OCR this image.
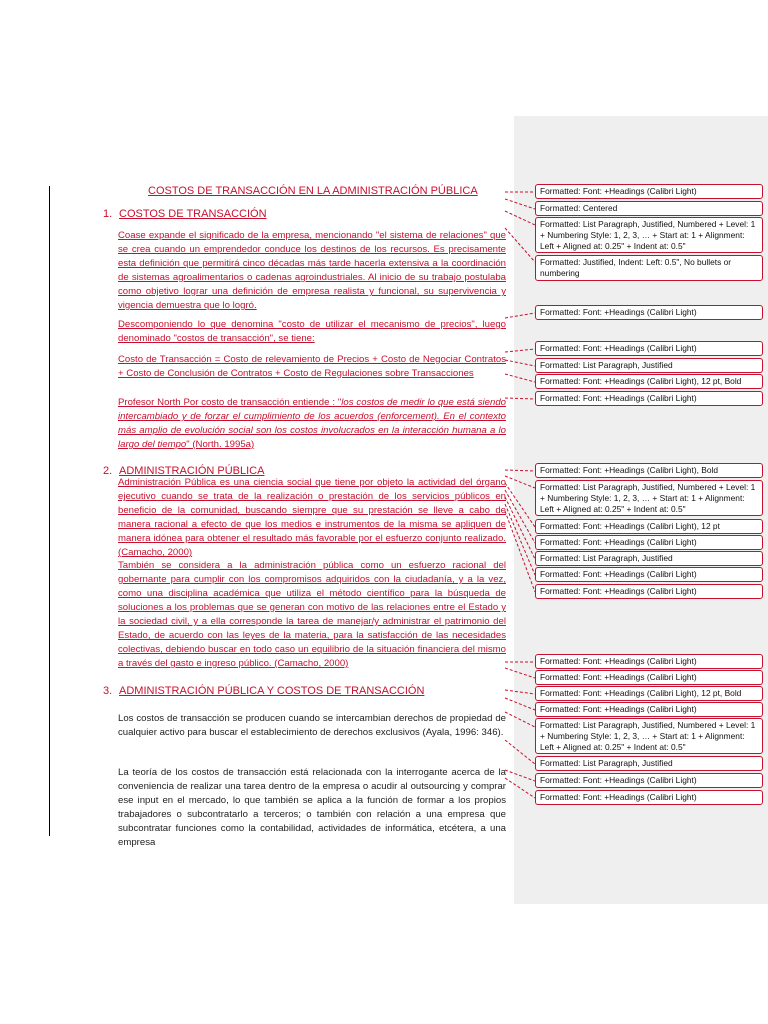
COSTOS DE TRANSACCIÓN EN LA ADMINISTRACIÓN PÚBLICA
1. COSTOS DE TRANSACCIÓN
Coase expande el significado de la empresa, mencionando "el sistema de relaciones" que se crea cuando un emprendedor conduce los destinos de los recursos. Es precisamente esta definición que permitirá cinco décadas más tarde hacerla extensiva a la coordinación de sistemas agroalimentarios o cadenas agroindustriales. Al inicio de su trabajo postulaba como objetivo lograr una definición de empresa realista y funcional, su supervivencia y vigencia demuestra que lo logró.
Descomponiendo lo que denomina "costo de utilizar el mecanismo de precios", luego denominado "costos de transacción", se tiene:
Costo de Transacción = Costo de relevamiento de Precios + Costo de Negociar Contratos + Costo de Conclusión de Contratos + Costo de Regulaciones sobre Transacciones
Profesor North Por costo de transacción entiende : "los costos de medir lo que está siendo intercambiado y de forzar el cumplimiento de los acuerdos (enforcement). En el contexto más amplio de evolución social son los costos involucrados en la interacción humana a lo largo del tiempo" (North. 1995a)
2. ADMINISTRACIÓN PÚBLICA
Administración Pública es una ciencia social que tiene por objeto la actividad del órgano ejecutivo cuando se trata de la realización o prestación de los servicios públicos en beneficio de la comunidad, buscando siempre que su prestación se lleve a cabo de manera racional a efecto de que los medios e instrumentos de la misma se apliquen de manera idónea para obtener el resultado más favorable por el esfuerzo conjunto realizado. (Camacho, 2000)
También se considera a la administración pública como un esfuerzo racional del gobernante para cumplir con los compromisos adquiridos con la ciudadanía, y a la vez, como una disciplina académica que utiliza el método científico para la búsqueda de soluciones a los problemas que se generan con motivo de las relaciones entre el Estado y la sociedad civil, y a ella corresponde la tarea de manejar/y administrar el patrimonio del Estado, de acuerdo con las leyes de la materia, para la satisfacción de las necesidades colectivas, debiendo buscar en todo caso un equilibrio de la situación financiera del mismo a través del gasto e ingreso público. (Camacho, 2000)
3. ADMINISTRACIÓN PÚBLICA Y COSTOS DE TRANSACCIÓN
Los costos de transacción se producen cuando se intercambian derechos de propiedad de cualquier activo para buscar el establecimiento de derechos exclusivos (Ayala, 1996: 346).
La teoría de los costos de transacción está relacionada con la interrogante acerca de la conveniencia de realizar una tarea dentro de la empresa o acudir al outsourcing y comprar ese input en el mercado, lo que también se aplica a la función de formar a los propios trabajadores o subcontratarlo a terceros; o también con relación a una empresa que subcontratar funciones como la contabilidad, actividades de informática, etcétera, a una empresa
Formatted: Font: +Headings (Calibri Light)
Formatted: Centered
Formatted: List Paragraph, Justified, Numbered + Level: 1 + Numbering Style: 1, 2, 3, … + Start at: 1 + Alignment: Left + Aligned at: 0.25" + Indent at: 0.5"
Formatted: Justified, Indent: Left: 0.5", No bullets or numbering
Formatted: Font: +Headings (Calibri Light)
Formatted: Font: +Headings (Calibri Light)
Formatted: List Paragraph, Justified
Formatted: Font: +Headings (Calibri Light), 12 pt, Bold
Formatted: Font: +Headings (Calibri Light)
Formatted: Font: +Headings (Calibri Light), Bold
Formatted: List Paragraph, Justified, Numbered + Level: 1 + Numbering Style: 1, 2, 3, … + Start at: 1 + Alignment: Left + Aligned at: 0.25" + Indent at: 0.5"
Formatted: Font: +Headings (Calibri Light), 12 pt
Formatted: Font: +Headings (Calibri Light)
Formatted: List Paragraph, Justified
Formatted: Font: +Headings (Calibri Light)
Formatted: Font: +Headings (Calibri Light)
Formatted: Font: +Headings (Calibri Light)
Formatted: Font: +Headings (Calibri Light)
Formatted: Font: +Headings (Calibri Light), 12 pt, Bold
Formatted: Font: +Headings (Calibri Light)
Formatted: List Paragraph, Justified, Numbered + Level: 1 + Numbering Style: 1, 2, 3, … + Start at: 1 + Alignment: Left + Aligned at: 0.25" + Indent at: 0.5"
Formatted: List Paragraph, Justified
Formatted: Font: +Headings (Calibri Light)
Formatted: Font: +Headings (Calibri Light)
